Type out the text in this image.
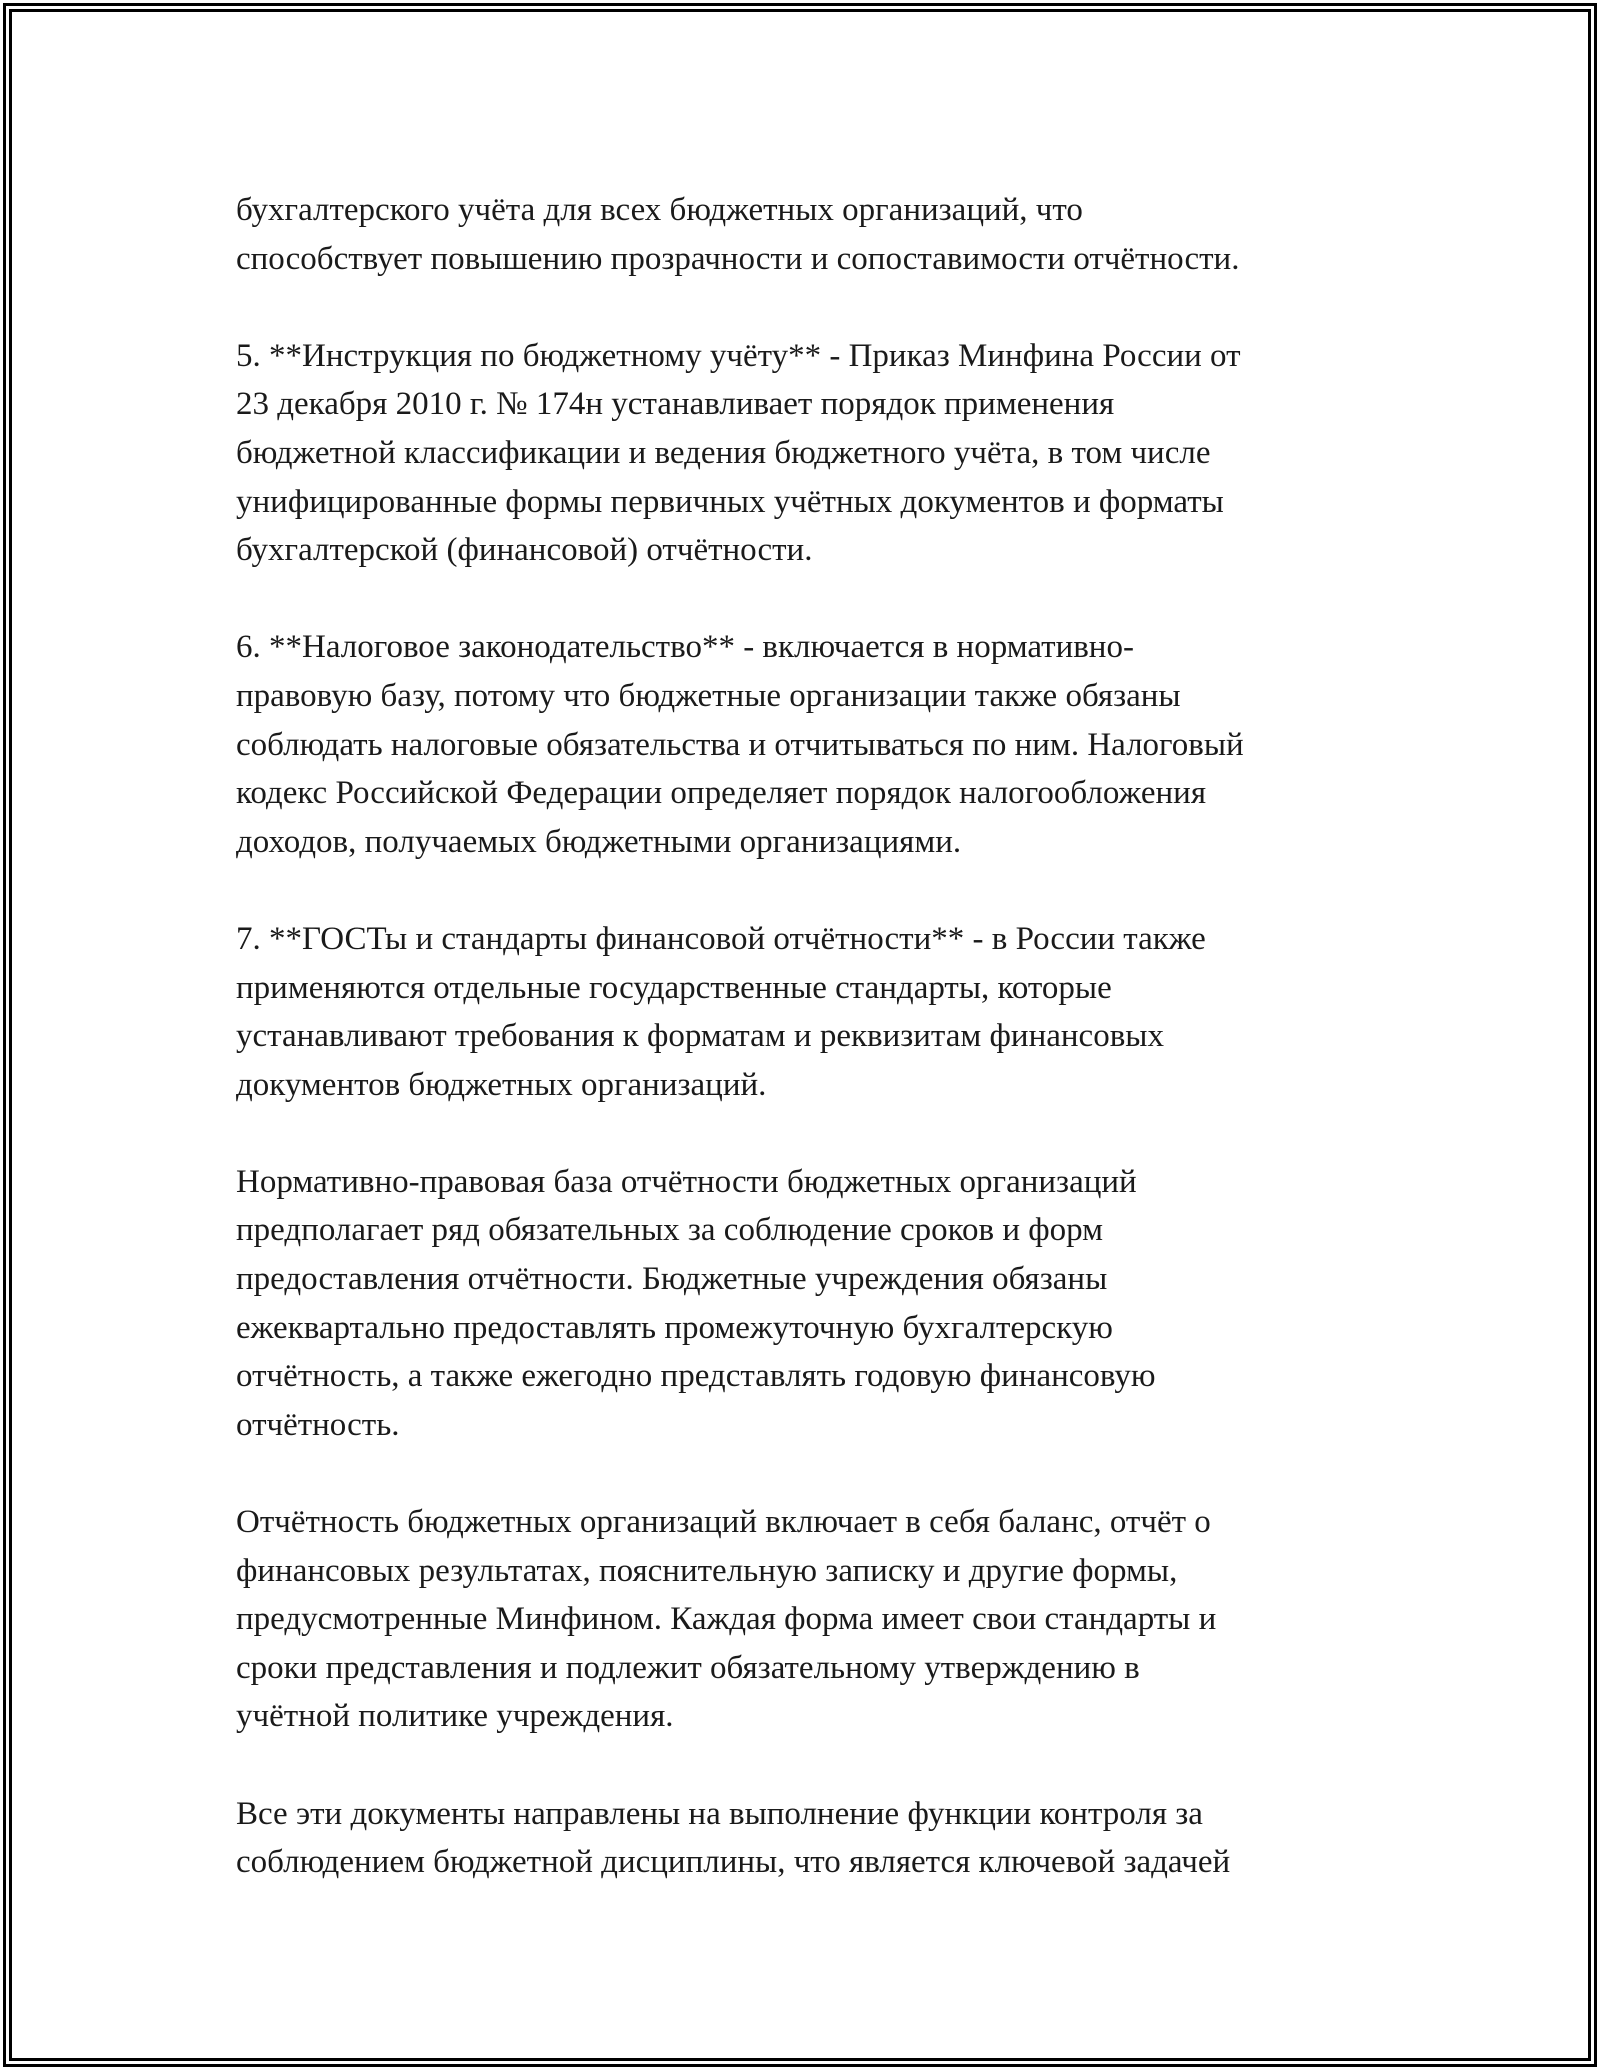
бухгалтерского учёта для всех бюджетных организаций, что
способствует повышению прозрачности и сопоставимости отчётности.

5. **Инструкция по бюджетному учёту** - Приказ Минфина России от
23 декабря 2010 г. № 174н устанавливает порядок применения
бюджетной классификации и ведения бюджетного учёта, в том числе
унифицированные формы первичных учётных документов и форматы
бухгалтерской (финансовой) отчётности.

6. **Налоговое законодательство** - включается в нормативно-
правовую базу, потому что бюджетные организации также обязаны
соблюдать налоговые обязательства и отчитываться по ним. Налоговый
кодекс Российской Федерации определяет порядок налогообложения
доходов, получаемых бюджетными организациями.

7. **ГОСТы и стандарты финансовой отчётности** - в России также
применяются отдельные государственные стандарты, которые
устанавливают требования к форматам и реквизитам финансовых
документов бюджетных организаций.

Нормативно-правовая база отчётности бюджетных организаций
предполагает ряд обязательных за соблюдение сроков и форм
предоставления отчётности. Бюджетные учреждения обязаны
ежеквартально предоставлять промежуточную бухгалтерскую
отчётность, а также ежегодно представлять годовую финансовую
отчётность.

Отчётность бюджетных организаций включает в себя баланс, отчёт о
финансовых результатах, пояснительную записку и другие формы,
предусмотренные Минфином. Каждая форма имеет свои стандарты и
сроки представления и подлежит обязательному утверждению в
учётной политике учреждения.

Все эти документы направлены на выполнение функции контроля за
соблюдением бюджетной дисциплины, что является ключевой задачей
